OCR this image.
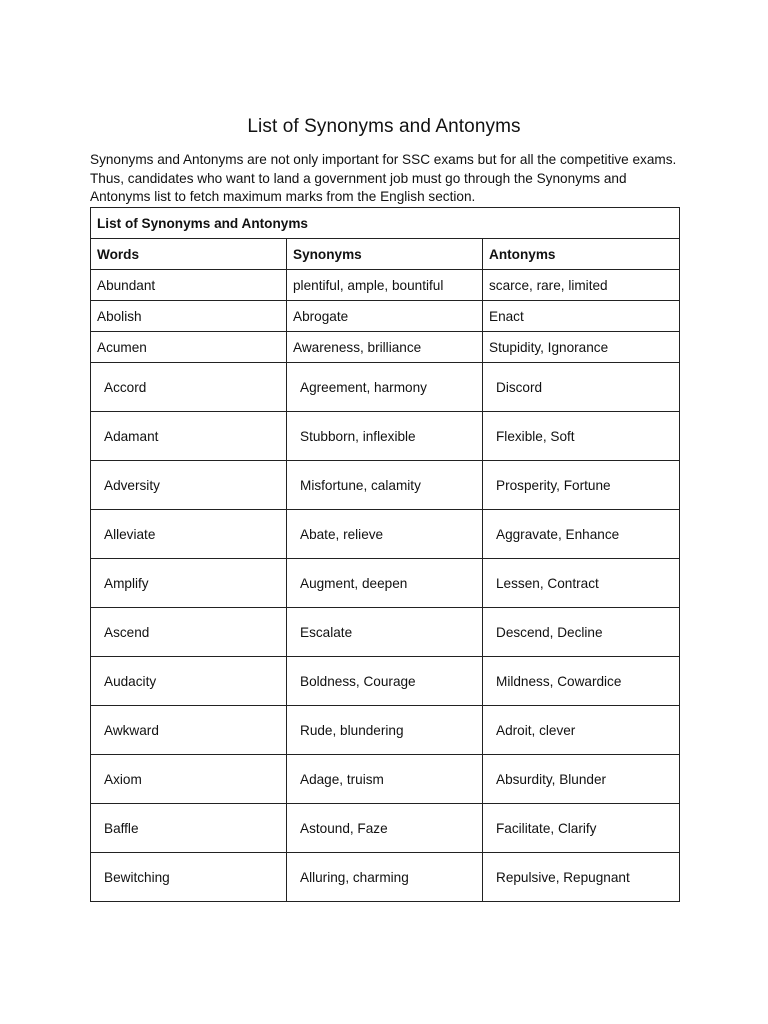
List of Synonyms and Antonyms

Synonyms and Antonyms are not only important for SSC exams but for all the competitive exams. Thus, candidates who want to land a government job must go through the Synonyms and Antonyms list to fetch maximum marks from the English section.

List of Synonyms and Antonyms		
Words	Synonyms	Antonyms
Abundant	plentiful, ample, bountiful	scarce, rare, limited
Abolish	Abrogate	Enact
Acumen	Awareness, brilliance	Stupidity, Ignorance
Accord	Agreement, harmony	Discord
Adamant	Stubborn, inflexible	Flexible, Soft
Adversity	Misfortune, calamity	Prosperity, Fortune
Alleviate	Abate, relieve	Aggravate, Enhance
Amplify	Augment, deepen	Lessen, Contract
Ascend	Escalate	Descend, Decline
Audacity	Boldness, Courage	Mildness, Cowardice
Awkward	Rude, blundering	Adroit, clever
Axiom	Adage, truism	Absurdity, Blunder
Baffle	Astound, Faze	Facilitate, Clarify
Bewitching	Alluring, charming	Repulsive, Repugnant
